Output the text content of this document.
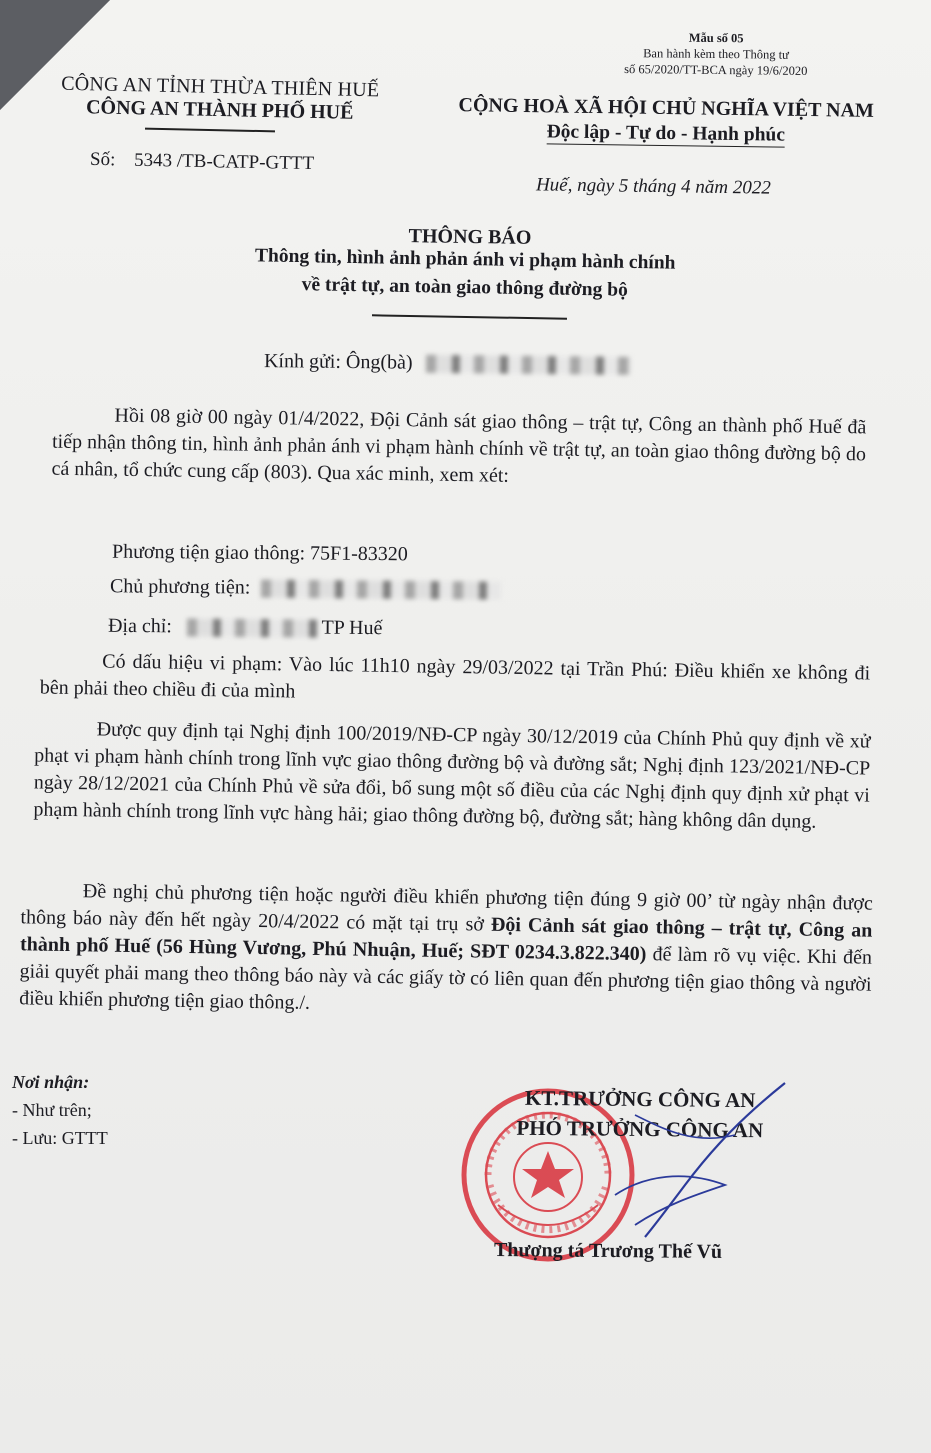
Mẫu số 05
Ban hành kèm theo Thông tư
số 65/2020/TT-BCA ngày 19/6/2020
CÔNG AN TỈNH THỪA THIÊN HUẾ
CÔNG AN THÀNH PHỐ HUẾ	CỘNG HOÀ XÃ HỘI CHỦ NGHĨA VIỆT NAM
Độc lập - Tự do - Hạnh phúc
Số: 5343 /TB-CATP-GTTT
Huế, ngày 5 tháng 4 năm 2022
THÔNG BÁO
Thông tin, hình ảnh phản ánh vi phạm hành chính
về trật tự, an toàn giao thông đường bộ
Kính gửi: Ông(bà)
Hồi 08 giờ 00 ngày 01/4/2022, Đội Cảnh sát giao thông – trật tự, Công an thành phố Huế đã tiếp nhận thông tin, hình ảnh phản ánh vi phạm hành chính về trật tự, an toàn giao thông đường bộ do cá nhân, tổ chức cung cấp (803). Qua xác minh, xem xét:
Phương tiện giao thông: 75F1-83320
Chủ phương tiện:
Địa chỉ:	TP Huế
Có dấu hiệu vi phạm: Vào lúc 11h10 ngày 29/03/2022 tại Trần Phú: Điều khiển xe không đi bên phải theo chiều đi của mình
Được quy định tại Nghị định 100/2019/NĐ-CP ngày 30/12/2019 của Chính Phủ quy định về xử phạt vi phạm hành chính trong lĩnh vực giao thông đường bộ và đường sắt; Nghị định 123/2021/NĐ-CP ngày 28/12/2021 của Chính Phủ về sửa đổi, bổ sung một số điều của các Nghị định quy định xử phạt vi phạm hành chính trong lĩnh vực hàng hải; giao thông đường bộ, đường sắt; hàng không dân dụng.
Đề nghị chủ phương tiện hoặc người điều khiển phương tiện đúng 9 giờ 00’ từ ngày nhận được thông báo này đến hết ngày 20/4/2022 có mặt tại trụ sở Đội Cảnh sát giao thông – trật tự, Công an thành phố Huế (56 Hùng Vương, Phú Nhuận, Huế; SĐT 0234.3.822.340) để làm rõ vụ việc. Khi đến giải quyết phải mang theo thông báo này và các giấy tờ có liên quan đến phương tiện giao thông và người điều khiển phương tiện giao thông./.
Nơi nhận:
- Như trên;
- Lưu: GTTT
KT.TRƯỞNG CÔNG AN
PHÓ TRƯỞNG CÔNG AN
Thượng tá Trương Thế Vũ
